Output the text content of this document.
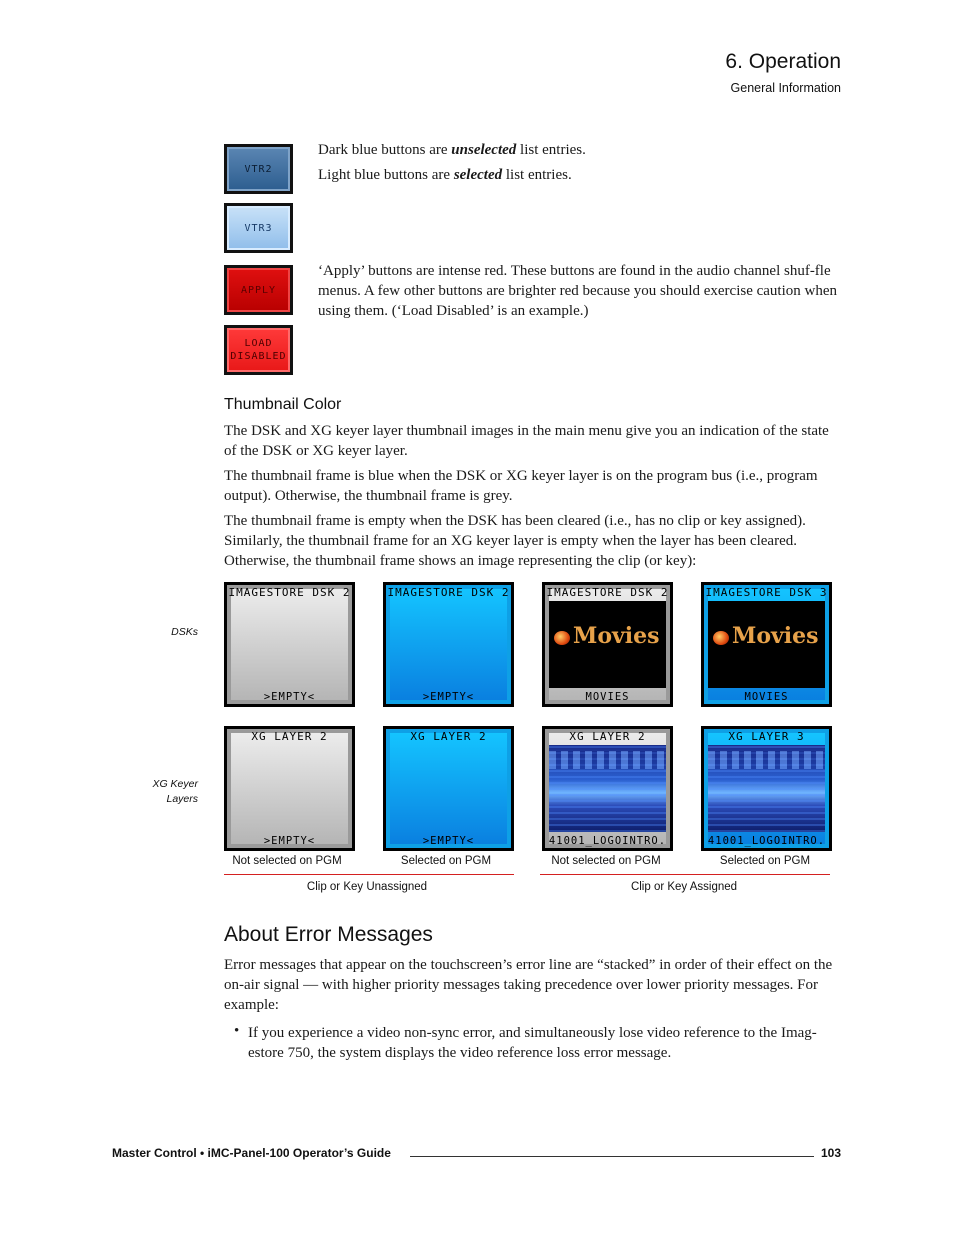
6. Operation
General Information
VTR2
VTR3
APPLY
LOAD
DISABLED
Dark blue buttons are unselected list entries.
Light blue buttons are selected list entries.
‘Apply’ buttons are intense red. These buttons are found in the audio channel shuf-fle menus. A few other buttons are brighter red because you should exercise caution when using them. (‘Load Disabled’ is an example.)
Thumbnail Color

The DSK and XG keyer layer thumbnail images in the main menu give you an indication of the state of the DSK or XG keyer layer.

The thumbnail frame is blue when the DSK or XG keyer layer is on the program bus (i.e., program output). Otherwise, the thumbnail frame is grey.

The thumbnail frame is empty when the DSK has been cleared (i.e., has no clip or key assigned). Similarly, the thumbnail frame for an XG keyer layer is empty when the layer has been cleared. Otherwise, the thumbnail frame shows an image representing the clip (or key):

DSKs
XG Keyer
Layers
IMAGESTORE DSK 2
>EMPTY<
IMAGESTORE DSK 2
>EMPTY<
IMAGESTORE DSK 2
Movies
MOVIES
IMAGESTORE DSK 3
Movies
MOVIES
XG LAYER 2
>EMPTY<
XG LAYER 2
>EMPTY<
XG LAYER 2
41001_LOGOINTRO.
XG LAYER 3
41001_LOGOINTRO.
Not selected on PGM	Selected on PGM	Not selected on PGM	Selected on PGM
Clip or Key Unassigned	Clip or Key Assigned
About Error Messages

Error messages that appear on the touchscreen’s error line are “stacked” in order of their effect on the on-air signal — with higher priority messages taking precedence over lower priority messages. For example:

• If you experience a video non-sync error, and simultaneously lose video reference to the Imag-estore 750, the system displays the video reference loss error message.
Master Control • iMC-Panel-100 Operator’s Guide	103
